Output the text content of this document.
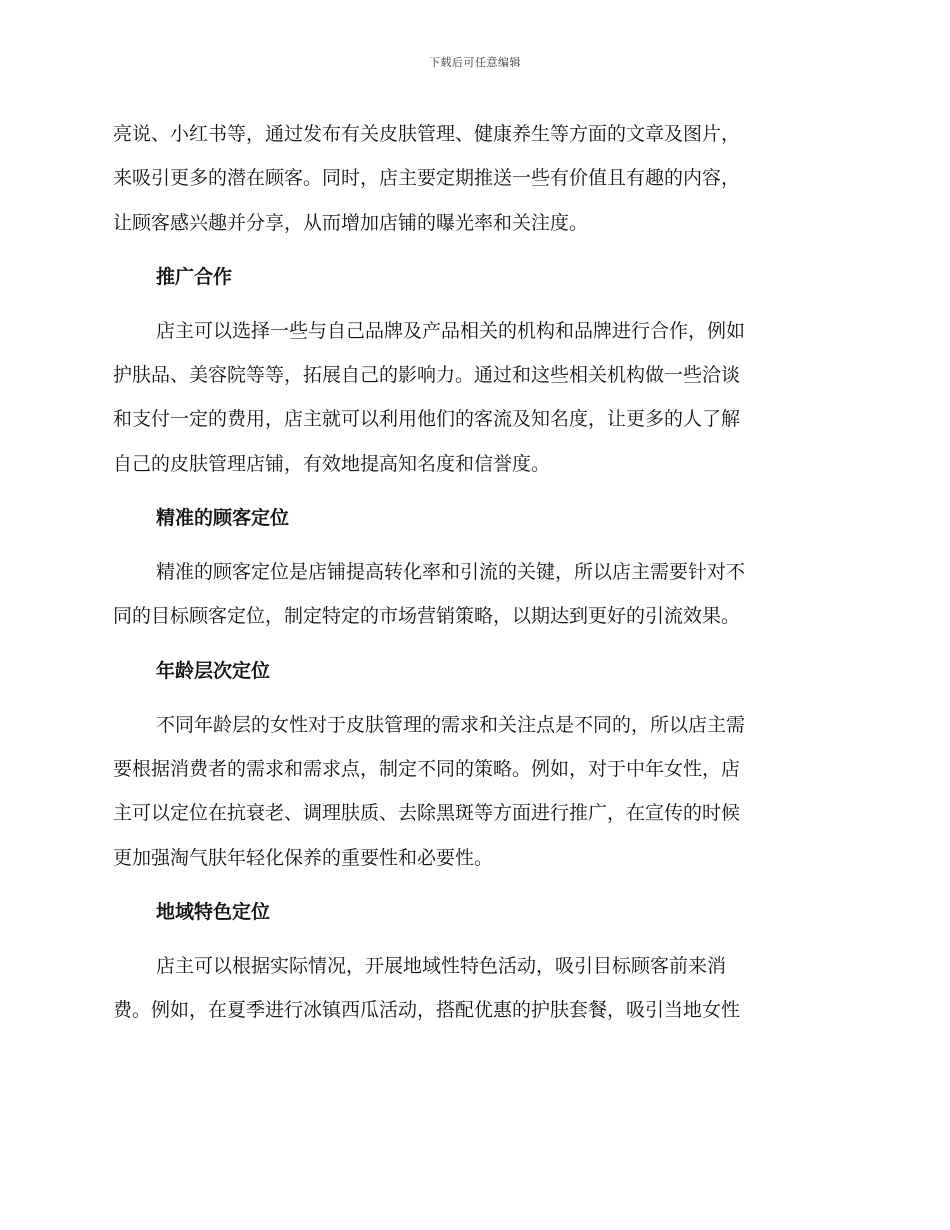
下载后可任意编辑

亮说、小红书等，通过发布有关皮肤管理、健康养生等方面的文章及图片，
来吸引更多的潜在顾客。同时，店主要定期推送一些有价值且有趣的内容，
让顾客感兴趣并分享，从而增加店铺的曝光率和关注度。

推广合作

店主可以选择一些与自己品牌及产品相关的机构和品牌进行合作，例如
护肤品、美容院等等，拓展自己的影响力。通过和这些相关机构做一些洽谈
和支付一定的费用，店主就可以利用他们的客流及知名度，让更多的人了解
自己的皮肤管理店铺，有效地提高知名度和信誉度。

精准的顾客定位

精准的顾客定位是店铺提高转化率和引流的关键，所以店主需要针对不
同的目标顾客定位，制定特定的市场营销策略，以期达到更好的引流效果。

年龄层次定位

不同年龄层的女性对于皮肤管理的需求和关注点是不同的，所以店主需
要根据消费者的需求和需求点，制定不同的策略。例如，对于中年女性，店
主可以定位在抗衰老、调理肤质、去除黑斑等方面进行推广，在宣传的时候
更加强淘气肤年轻化保养的重要性和必要性。

地域特色定位

店主可以根据实际情况，开展地域性特色活动，吸引目标顾客前来消
费。例如，在夏季进行冰镇西瓜活动，搭配优惠的护肤套餐，吸引当地女性
